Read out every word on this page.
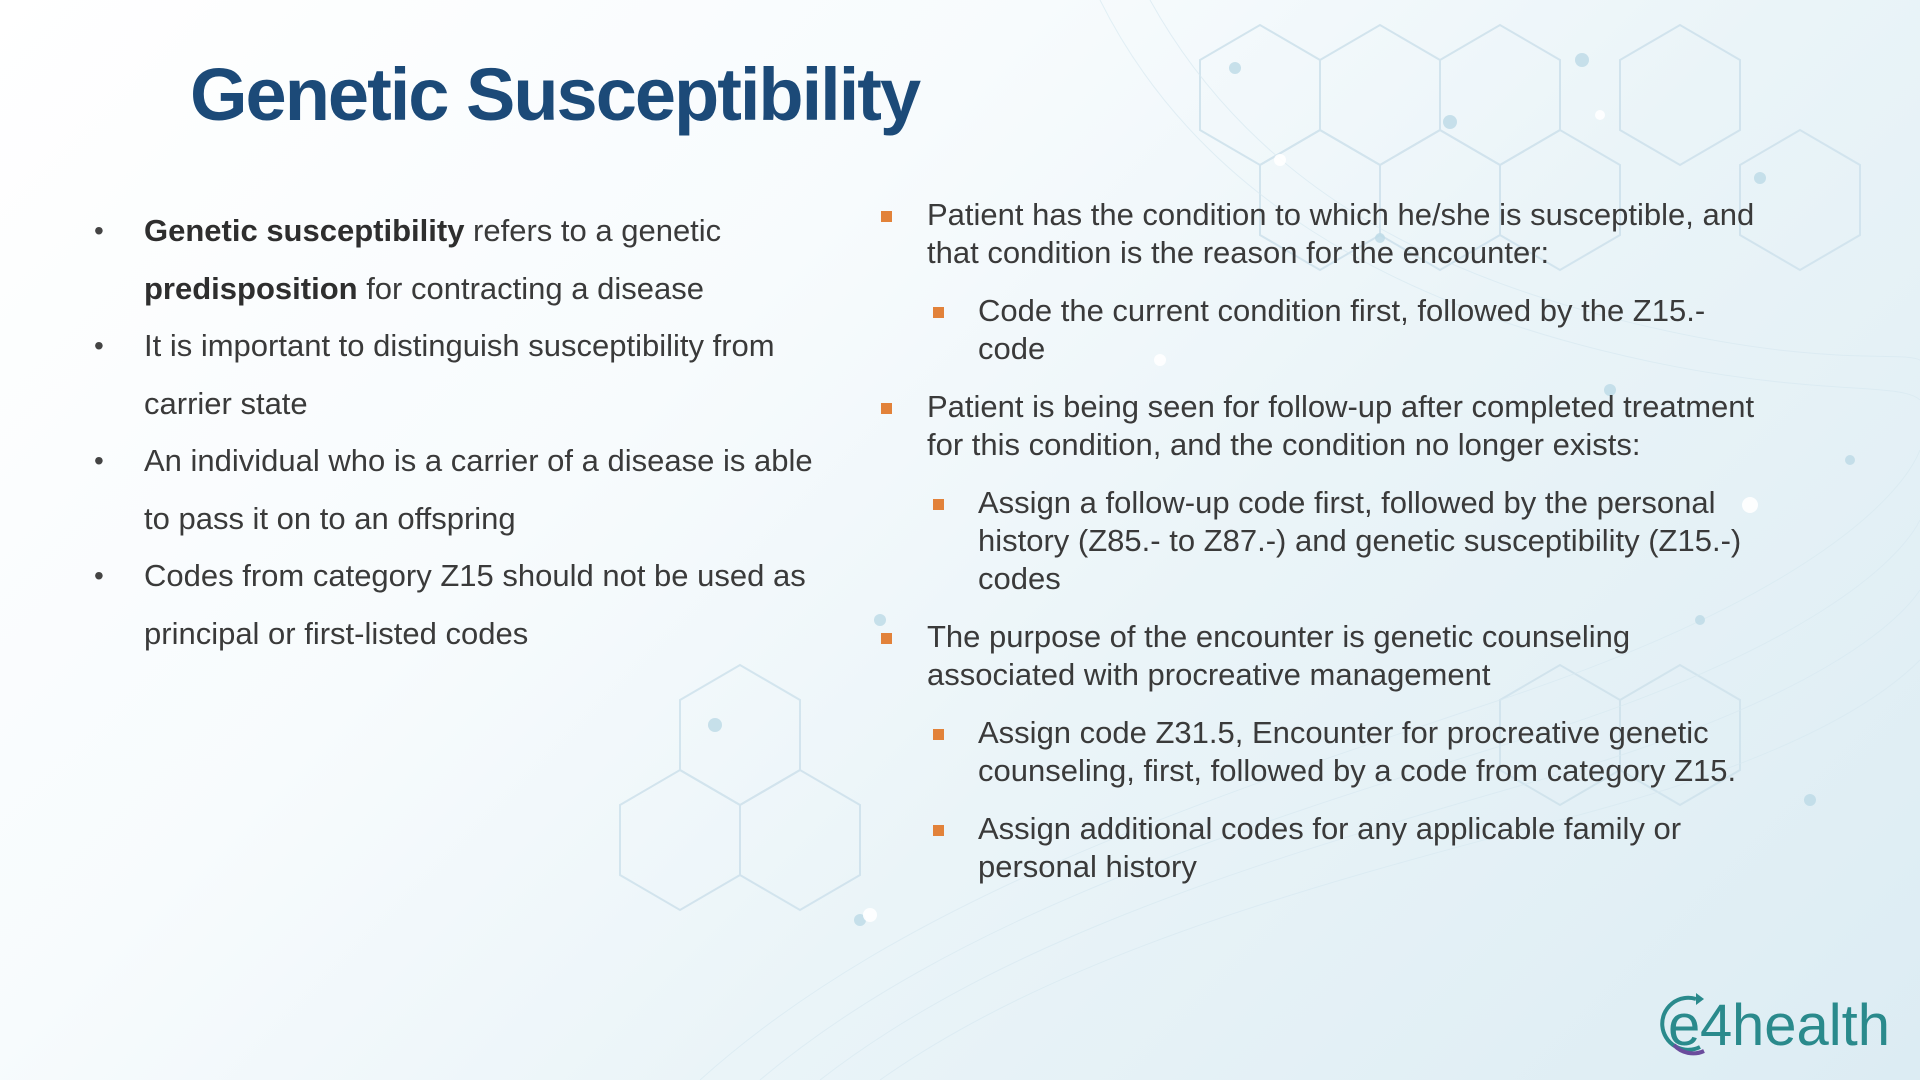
Genetic Susceptibility
• Genetic susceptibility refers to a genetic predisposition for contracting a disease
• It is important to distinguish susceptibility from carrier state
• An individual who is a carrier of a disease is able to pass it on to an offspring
• Codes from category Z15 should not be used as principal or first-listed codes
Patient has the condition to which he/she is susceptible, and that condition is the reason for the encounter:
Code the current condition first, followed by the Z15.- code
Patient is being seen for follow-up after completed treatment for this condition, and the condition no longer exists:
Assign a follow-up code first, followed by the personal history (Z85.- to Z87.-) and genetic susceptibility (Z15.-) codes
The purpose of the encounter is genetic counseling associated with procreative management
Assign code Z31.5, Encounter for procreative genetic counseling, first, followed by a code from category Z15.
Assign additional codes for any applicable family or personal history
e 4 health
